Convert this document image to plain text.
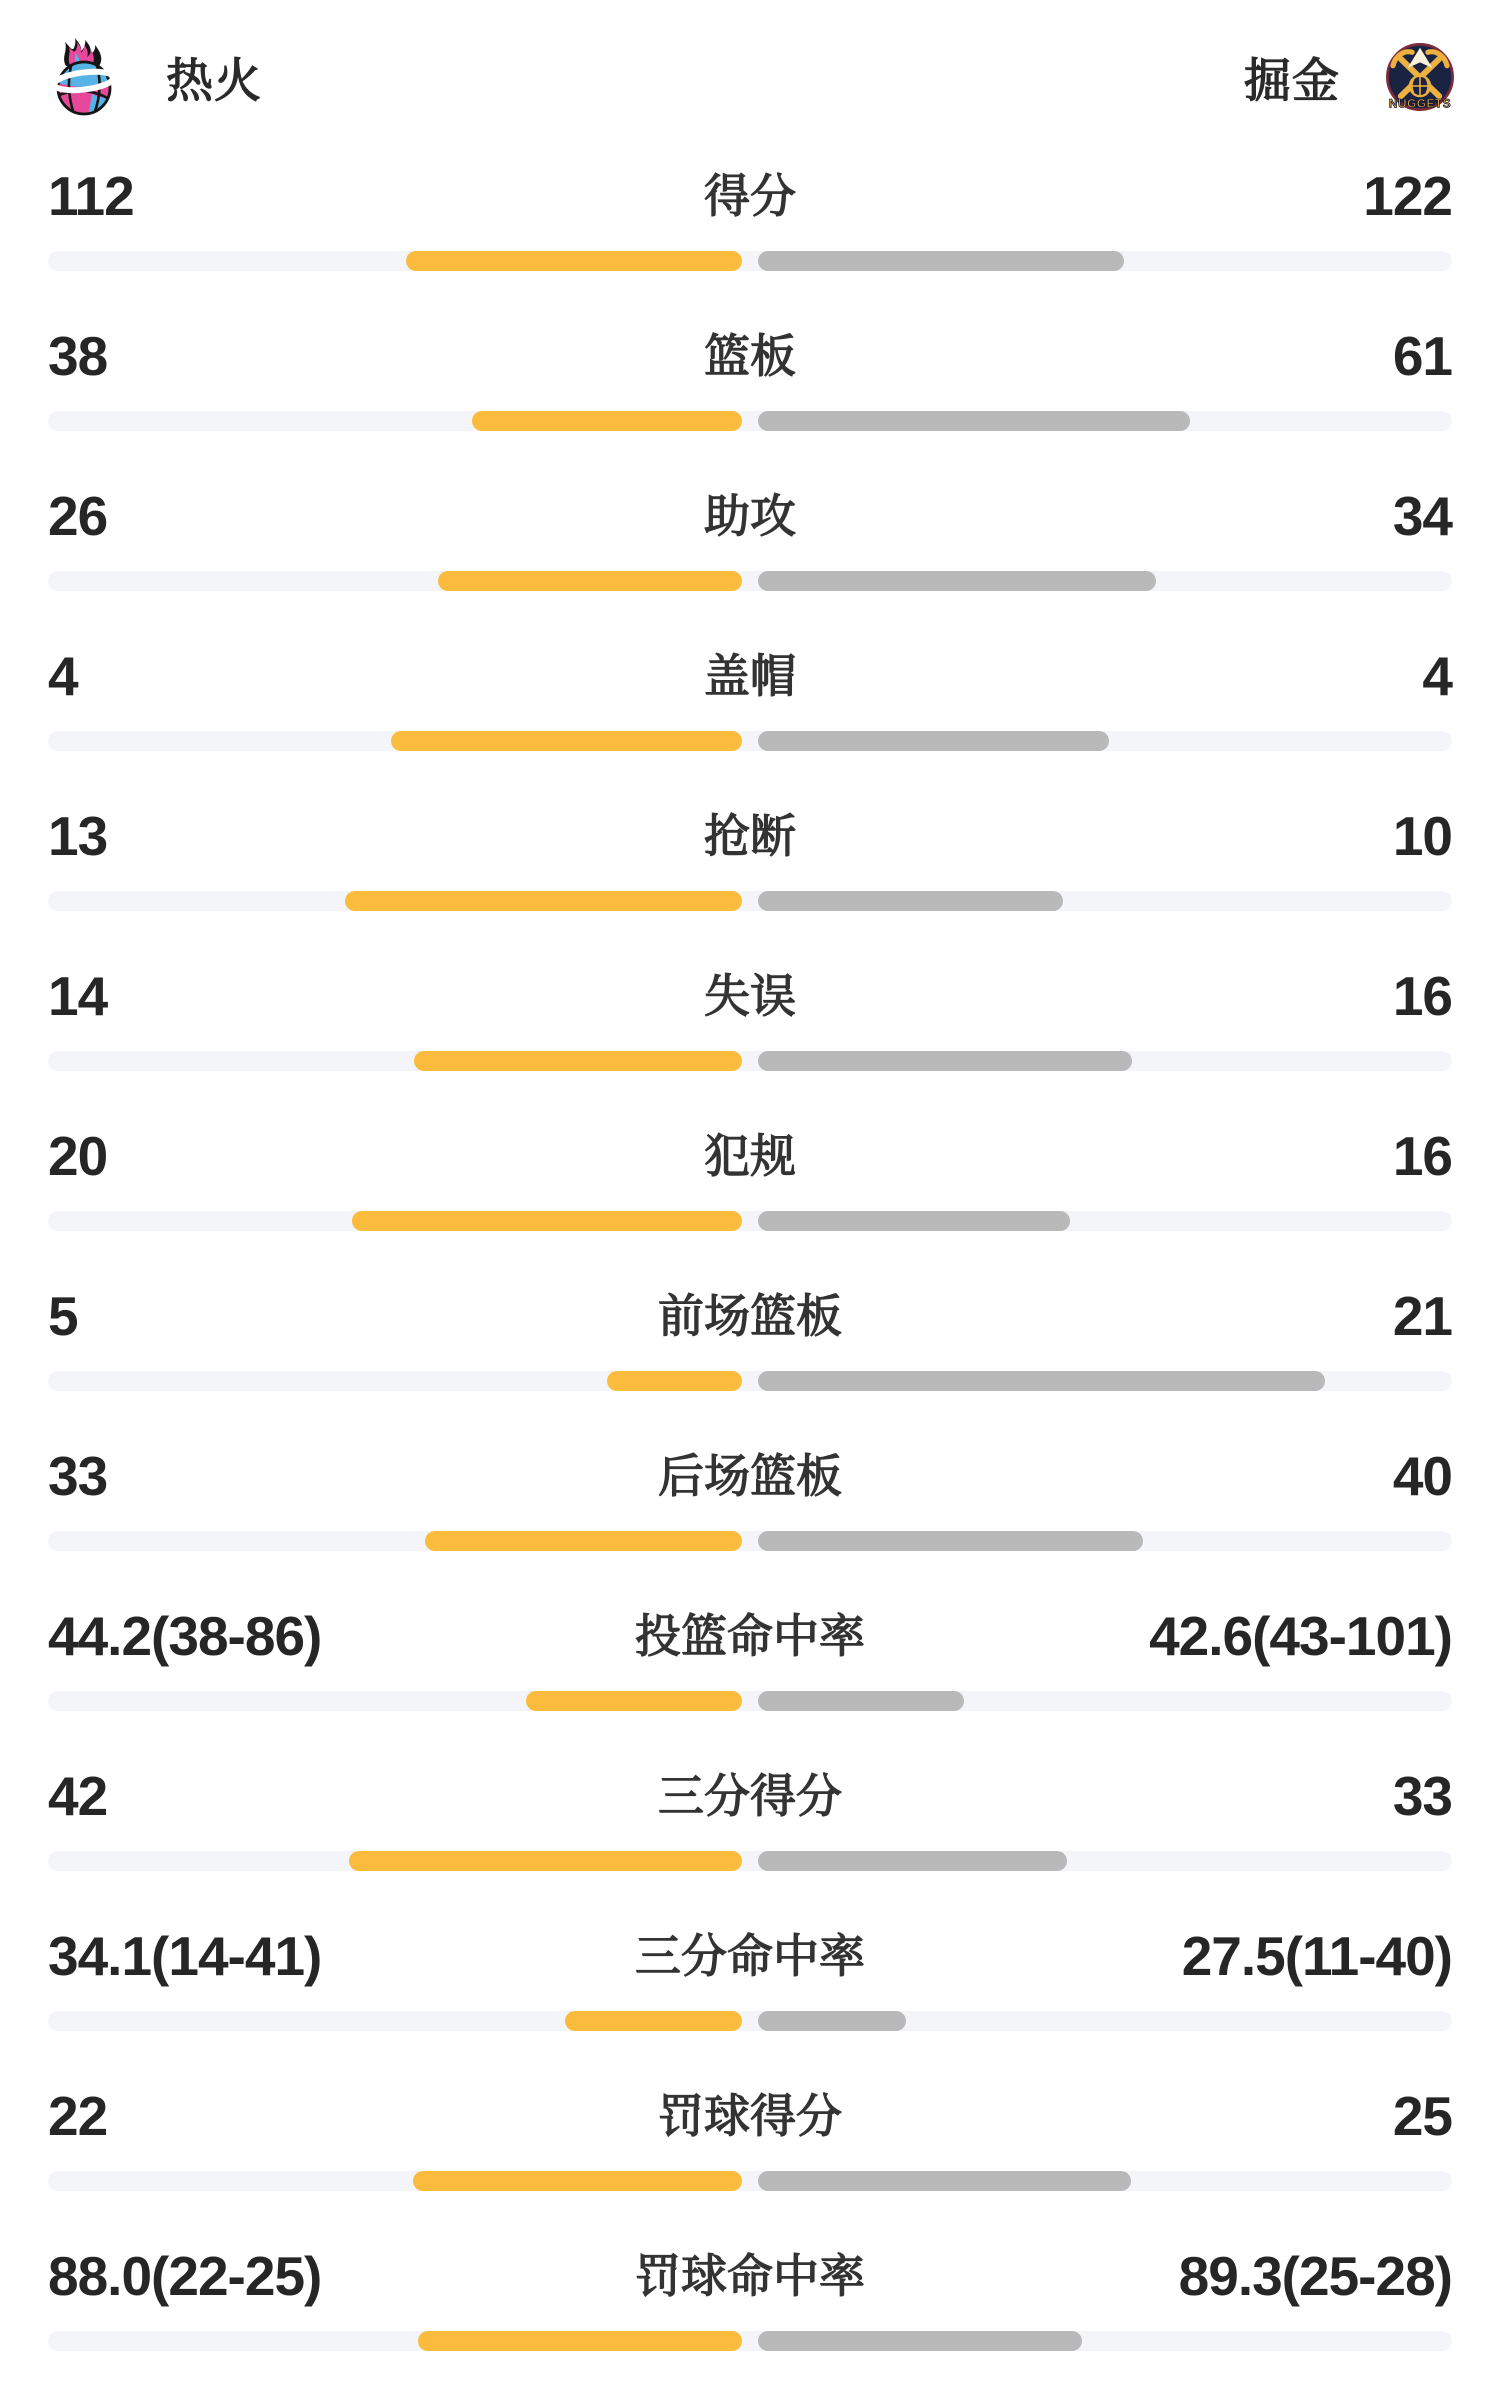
热火	掘金	NUGGETS
112	得分	122
38	篮板	61
26	助攻	34
4	盖帽	4
13	抢断	10
14	失误	16
20	犯规	16
5	前场篮板	21
33	后场篮板	40
44.2(38-86)	投篮命中率	42.6(43-101)
42	三分得分	33
34.1(14-41)	三分命中率	27.5(11-40)
22	罚球得分	25
88.0(22-25)	罚球命中率	89.3(25-28)
